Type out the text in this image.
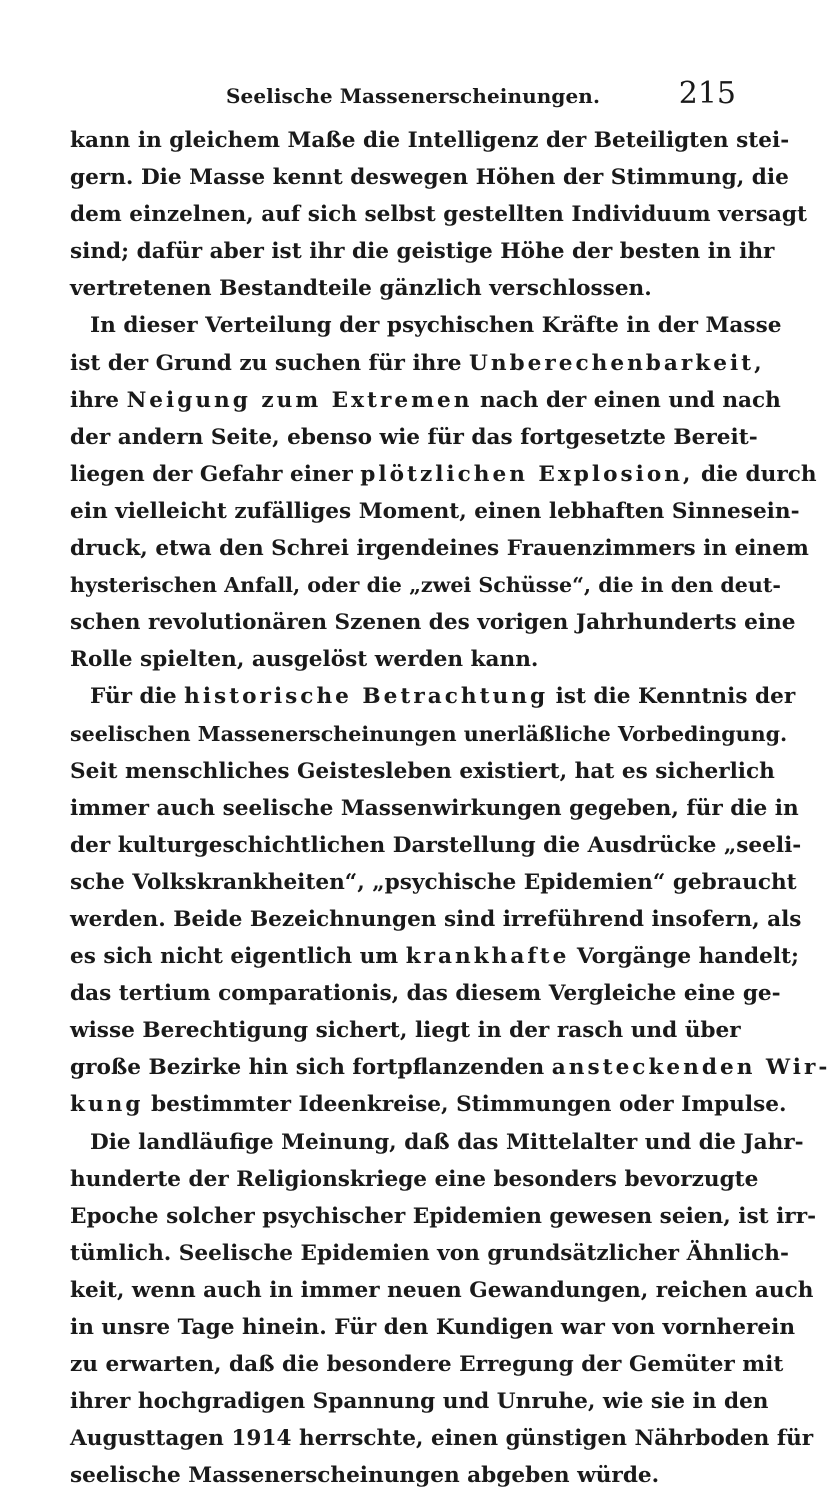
Seelische Massenerscheinungen.	215
kann in gleichem Maße die Intelligenz der Beteiligten stei-
gern. Die Masse kennt deswegen Höhen der Stimmung, die
dem einzelnen, auf sich selbst gestellten Individuum versagt
sind; dafür aber ist ihr die geistige Höhe der besten in ihr
vertretenen Bestandteile gänzlich verschlossen.
In dieser Verteilung der psychischen Kräfte in der Masse
ist der Grund zu suchen für ihre Unberechenbarkeit,
ihre Neigung zum Extremen nach der einen und nach
der andern Seite, ebenso wie für das fortgesetzte Bereit-
liegen der Gefahr einer plötzlichen Explosion, die durch
ein vielleicht zufälliges Moment, einen lebhaften Sinnesein-
druck, etwa den Schrei irgendeines Frauenzimmers in einem
hysterischen Anfall, oder die „zwei Schüsse“, die in den deut-
schen revolutionären Szenen des vorigen Jahrhunderts eine
Rolle spielten, ausgelöst werden kann.
Für die historische Betrachtung ist die Kenntnis der
seelischen Massenerscheinungen unerläßliche Vorbedingung.
Seit menschliches Geistesleben existiert, hat es sicherlich
immer auch seelische Massenwirkungen gegeben, für die in
der kulturgeschichtlichen Darstellung die Ausdrücke „seeli-
sche Volkskrankheiten“, „psychische Epidemien“ gebraucht
werden. Beide Bezeichnungen sind irreführend insofern, als
es sich nicht eigentlich um krankhafte Vorgänge handelt;
das tertium comparationis, das diesem Vergleiche eine ge-
wisse Berechtigung sichert, liegt in der rasch und über
große Bezirke hin sich fortpflanzenden ansteckenden Wir-
kung bestimmter Ideenkreise, Stimmungen oder Impulse.
Die landläufige Meinung, daß das Mittelalter und die Jahr-
hunderte der Religionskriege eine besonders bevorzugte
Epoche solcher psychischer Epidemien gewesen seien, ist irr-
tümlich. Seelische Epidemien von grundsätzlicher Ähnlich-
keit, wenn auch in immer neuen Gewandungen, reichen auch
in unsre Tage hinein. Für den Kundigen war von vornherein
zu erwarten, daß die besondere Erregung der Gemüter mit
ihrer hochgradigen Spannung und Unruhe, wie sie in den
Augusttagen 1914 herrschte, einen günstigen Nährboden für
seelische Massenerscheinungen abgeben würde.
